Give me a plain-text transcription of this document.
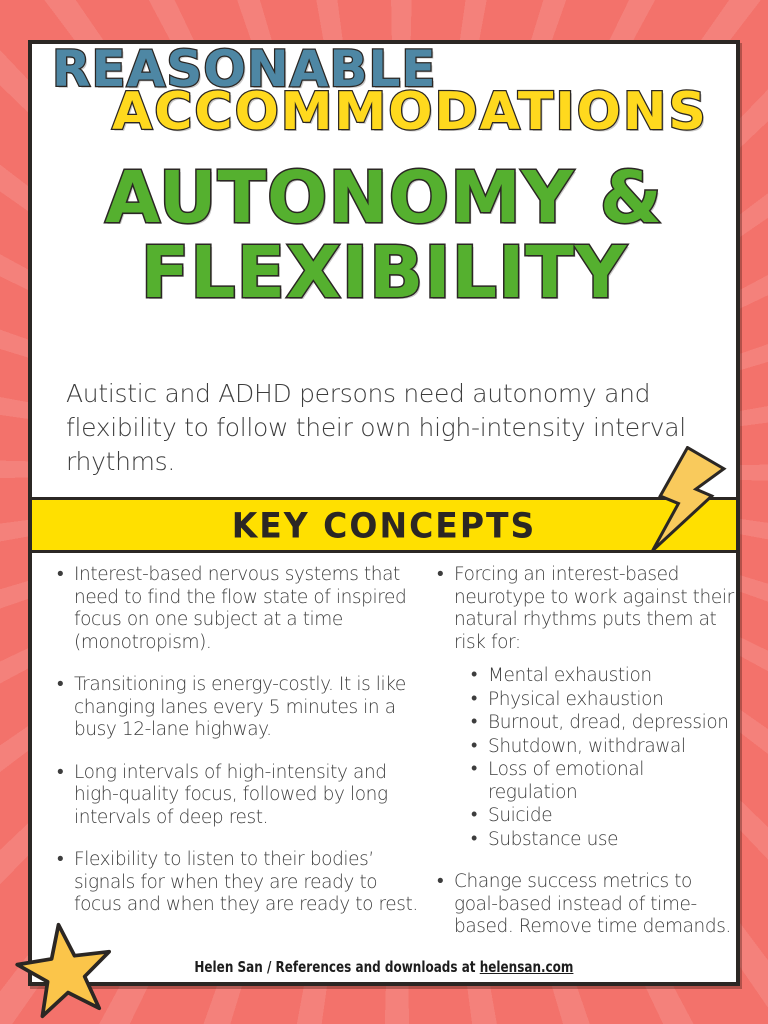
REASONABLE
ACCOMMODATIONS
AUTONOMY &
FLEXIBILITY

Autistic and ADHD persons need autonomy and flexibility to follow their own high-intensity interval rhythms.

KEY CONCEPTS
• Interest-based nervous systems that need to find the flow state of inspired focus on one subject at a time (monotropism).
• Transitioning is energy-costly. It is like changing lanes every 5 minutes in a busy 12-lane highway.
• Long intervals of high-intensity and high-quality focus, followed by long intervals of deep rest.
• Flexibility to listen to their bodies’ signals for when they are ready to focus and when they are ready to rest.
• Forcing an interest-based neurotype to work against their natural rhythms puts them at risk for:
• Mental exhaustion
• Physical exhaustion
• Burnout, dread, depression
• Shutdown, withdrawal
• Loss of emotional regulation
• Suicide
• Substance use
• Change success metrics to goal-based instead of time-based. Remove time demands.
Helen San / References and downloads at helensan.com
